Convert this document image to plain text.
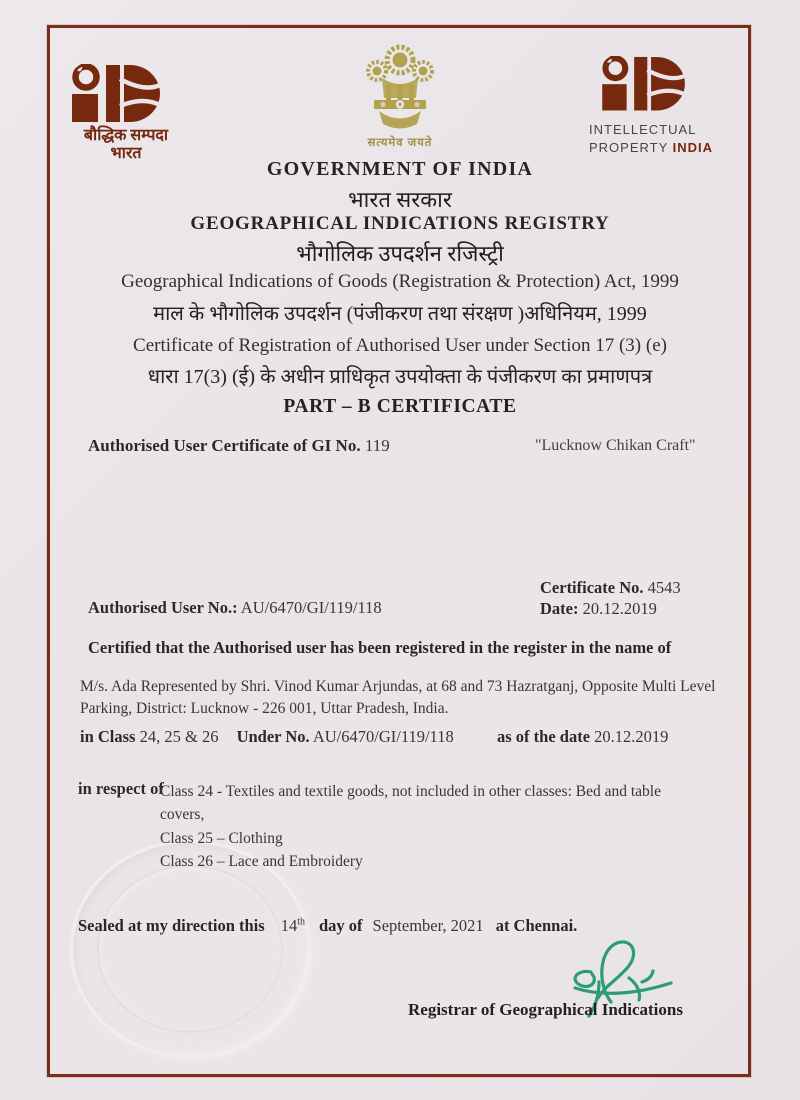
बौद्धिक सम्पदा
भारत
सत्यमेव जयते
INTELLECTUAL
PROPERTY INDIA
GOVERNMENT OF INDIA
भारत सरकार
GEOGRAPHICAL INDICATIONS REGISTRY
भौगोलिक उपदर्शन रजिस्ट्री
Geographical Indications of Goods (Registration & Protection) Act, 1999
माल के भौगोलिक उपदर्शन (पंजीकरण तथा संरक्षण )अधिनियम, 1999
Certificate of Registration of Authorised User under Section 17 (3) (e)
धारा 17(3) (ई) के अधीन प्राधिकृत उपयोक्ता के पंजीकरण का प्रमाणपत्र
PART – B CERTIFICATE
Authorised User Certificate of GI No. 119	"Lucknow Chikan Craft"
Certificate No. 4543
Authorised User No.: AU/6470/GI/119/118	Date: 20.12.2019
Certified that the Authorised user has been registered in the register in the name of
M/s. Ada Represented by Shri. Vinod Kumar Arjundas, at 68 and 73 Hazratganj, Opposite Multi Level Parking, District: Lucknow - 226 001, Uttar Pradesh, India.
in Class 24, 25 & 26 Under No. AU/6470/GI/119/118	as of the date 20.12.2019
in respect of
Class 24 - Textiles and textile goods, not included in other classes: Bed and table covers,
Class 25 – Clothing
Class 26 – Lace and Embroidery
Sealed at my direction this 14th day of September, 2021 at Chennai.
Registrar of Geographical Indications
